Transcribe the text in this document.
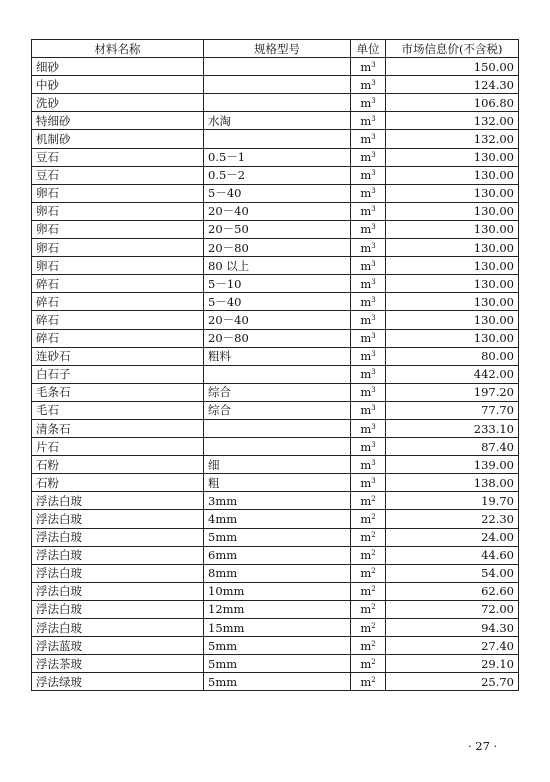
材料名称	规格型号	单位	市场信息价(不含税)
细砂		$m^3$	150.00
中砂		$m^3$	124.30
洗砂		$m^3$	106.80
特细砂	水淘	$m^3$	132.00
机制砂		$m^3$	132.00
豆石	0.5－1	$m^3$	130.00
豆石	0.5－2	$m^3$	130.00
卵石	5－40	$m^3$	130.00
卵石	20－40	$m^3$	130.00
卵石	20－50	$m^3$	130.00
卵石	20－80	$m^3$	130.00
卵石	80 以上	$m^3$	130.00
碎石	5－10	$m^3$	130.00
碎石	5－40	$m^3$	130.00
碎石	20－40	$m^3$	130.00
碎石	20－80	$m^3$	130.00
连砂石	粗料	$m^3$	80.00
白石子		$m^3$	442.00
毛条石	综合	$m^3$	197.20
毛石	综合	$m^3$	77.70
清条石		$m^3$	233.10
片石		$m^3$	87.40
石粉	细	$m^3$	139.00
石粉	粗	$m^3$	138.00
浮法白玻	3mm	$m^2$	19.70
浮法白玻	4mm	$m^2$	22.30
浮法白玻	5mm	$m^2$	24.00
浮法白玻	6mm	$m^2$	44.60
浮法白玻	8mm	$m^2$	54.00
浮法白玻	10mm	$m^2$	62.60
浮法白玻	12mm	$m^2$	72.00
浮法白玻	15mm	$m^2$	94.30
浮法蓝玻	5mm	$m^2$	27.40
浮法茶玻	5mm	$m^2$	29.10
浮法绿玻	5mm	$m^2$	25.70
· 27 ·
